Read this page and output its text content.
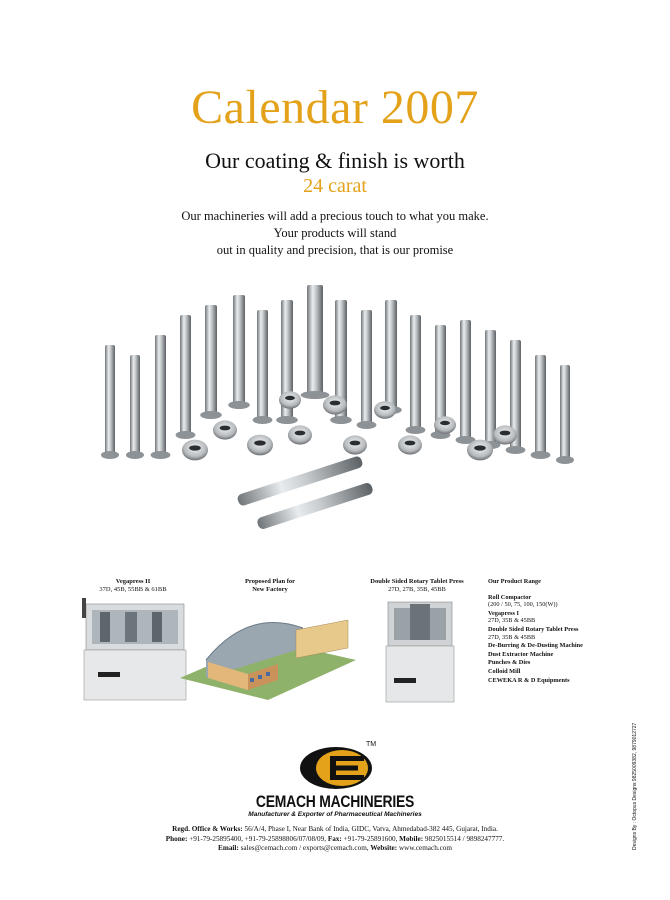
Calendar 2007
Our coating & finish is worth
24 carat
Our machineries will add a precious touch to what you make.
Your products will stand
out in quality and precision, that is our promise
Vegapress II
37D, 45B, 55BB & 61BB
Proposed Plan for
New Factory
Double Sided Rotary Tablet Press
27D, 27B, 35B, 45BB
Our Product Range
Roll Compactor
(200 / 50, 75, 100, 150(W))
Vegapress I
27D, 35B & 45BB
Double Sided Rotary Tablet Press
27D, 35B & 45BB
De-Burring & De-Dusting Machine
Dust Extractor Machine
Punches & Dies
Colloid Mill
CEWEKA R & D Equipments
TM
CEMACH MACHINERIES
Manufacturer & Exporter of Pharmaceutical Machineries
Regd. Office & Works: 56/A/4, Phase I, Near Bank of India, GIDC, Vatva, Ahmedabad-382 445, Gujarat, India.
Phone: +91-79-25895400, +91-79-25898806/07/08/09, Fax: +91-79-25891600, Mobile: 9825015514 / 9898247777.
Email: sales@cemach.com / exports@cemach.com, Website: www.cemach.com	Designs By : Octopus Designs 9825009382, 9879012727
